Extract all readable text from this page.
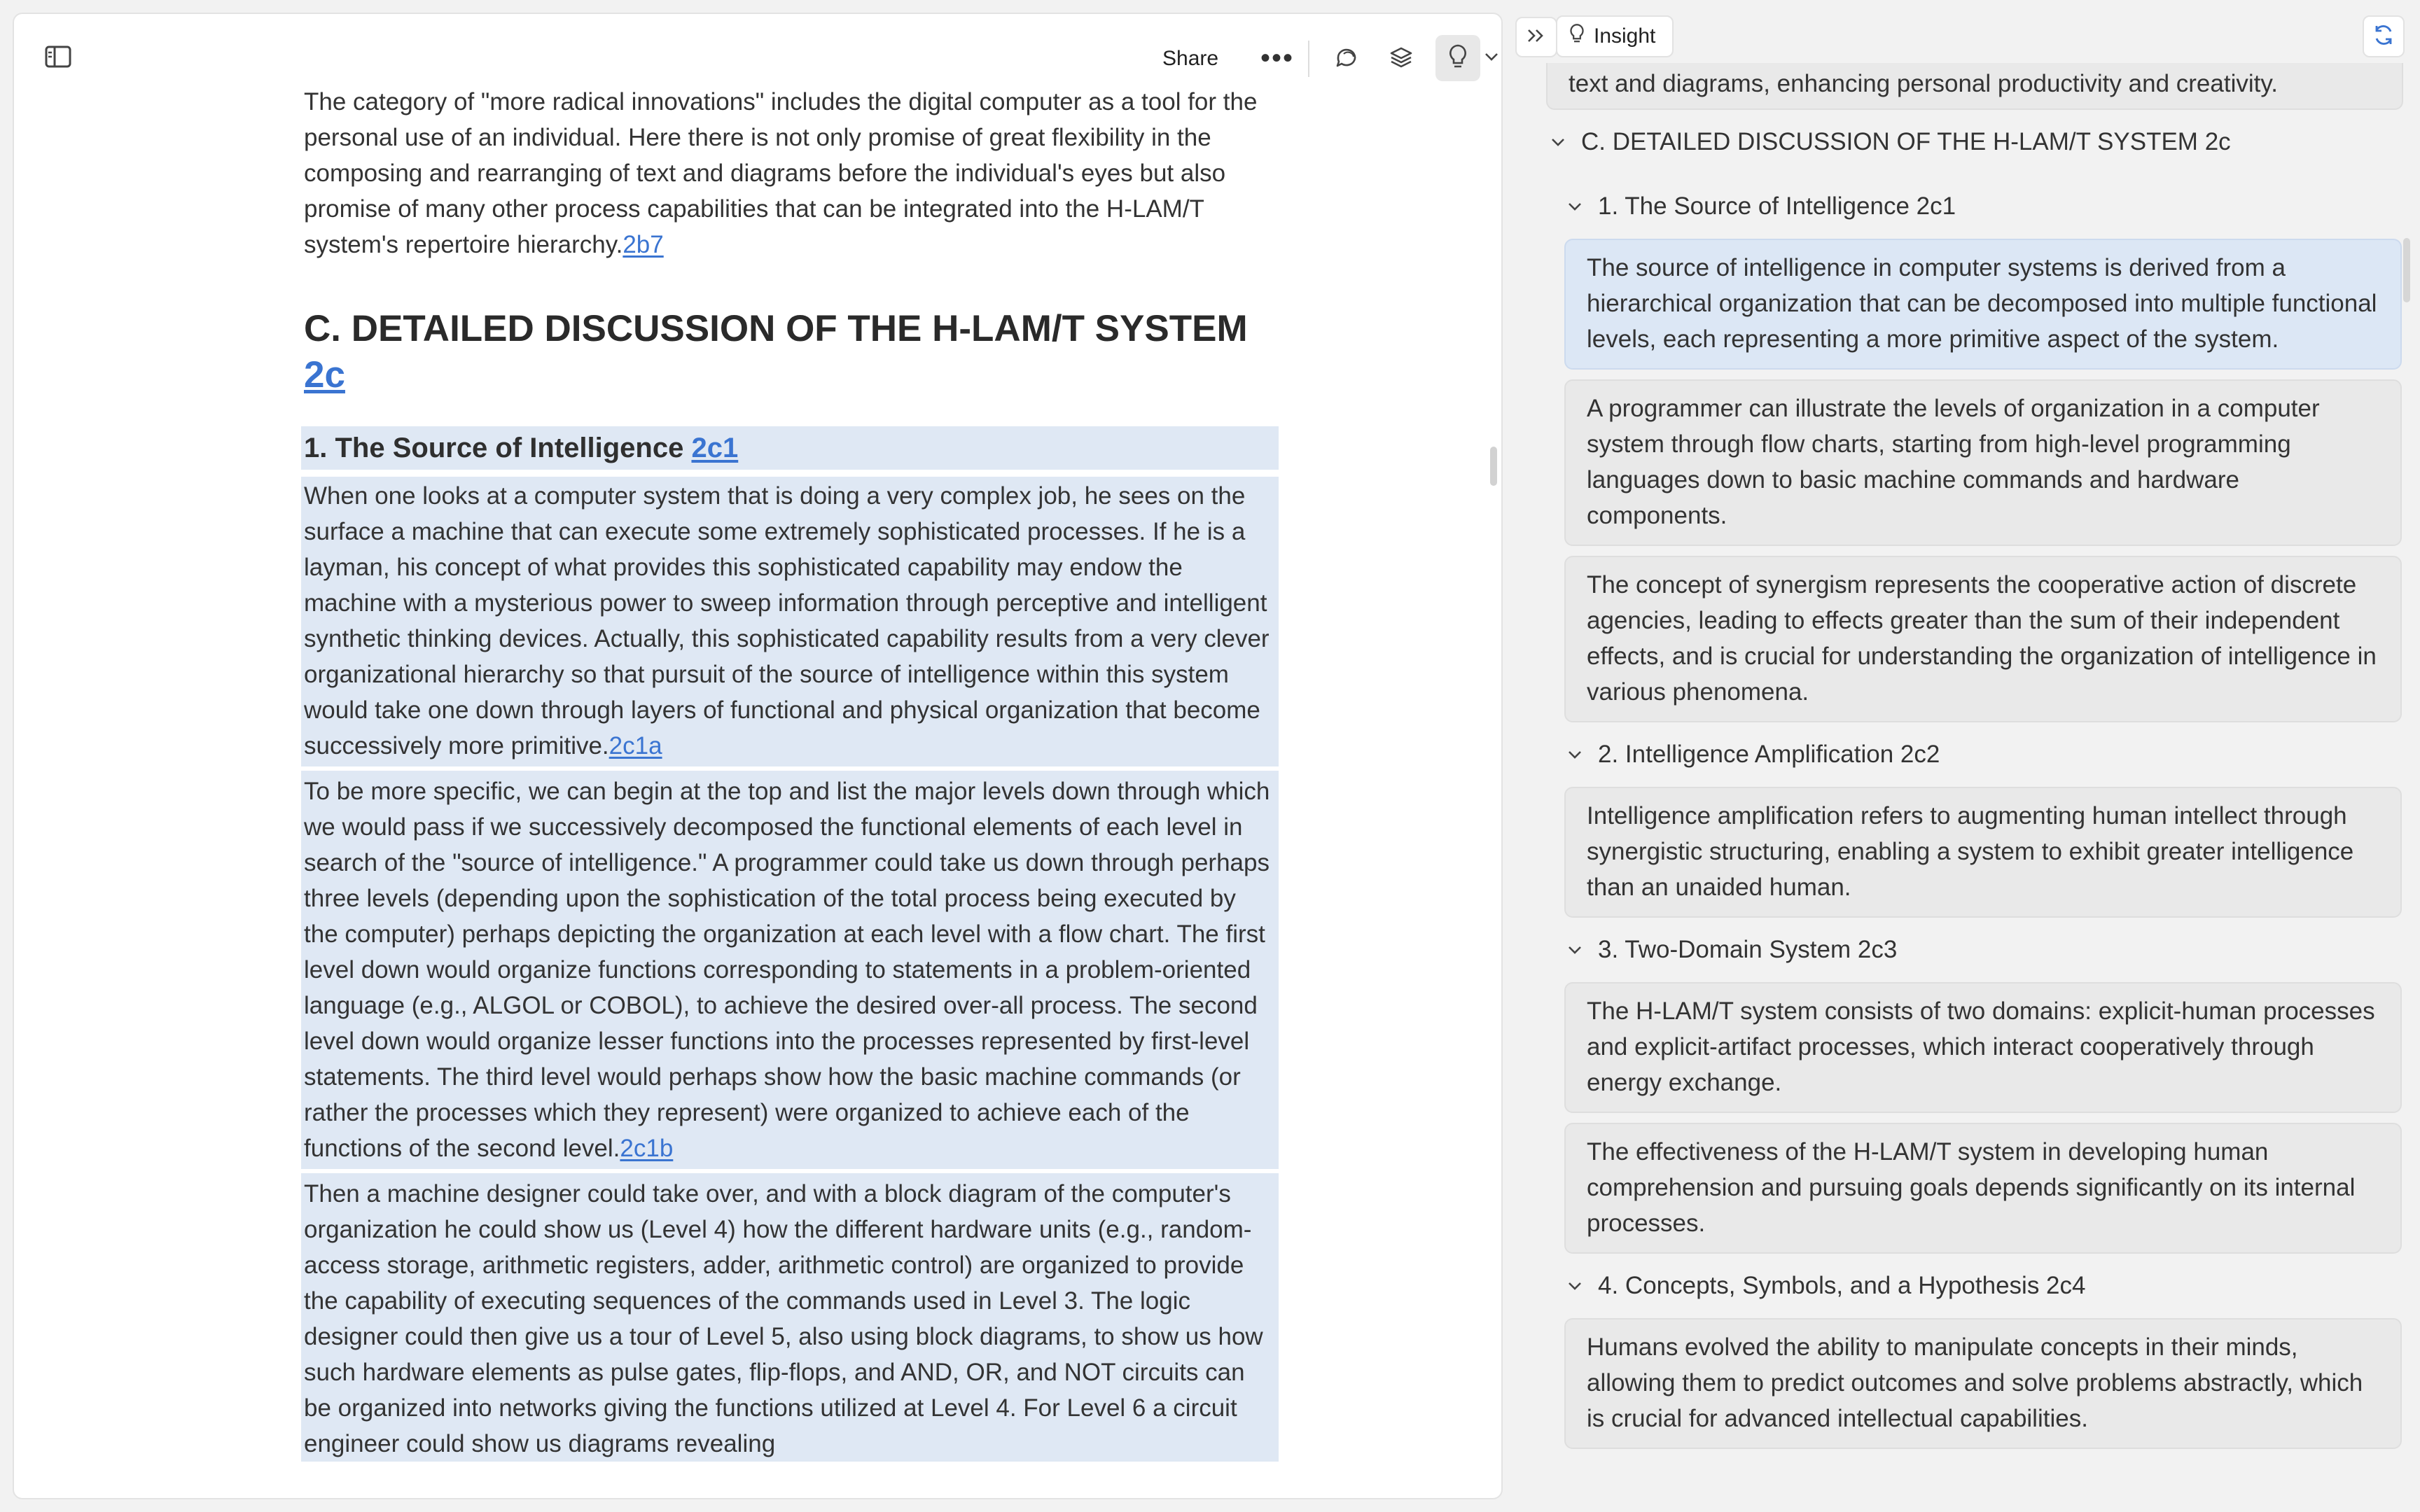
Share •••
The category of "more radical innovations" includes the digital computer as a tool for the personal use of an individual. Here there is not only promise of great flexibility in the composing and rearranging of text and diagrams before the individual's eyes but also promise of many other process capabilities that can be integrated into the H-LAM/T system's repertoire hierarchy.2b7
C. DETAILED DISCUSSION OF THE H-LAM/T SYSTEM
2c
1. The Source of Intelligence
2c1
When one looks at a computer system that is doing a very complex job, he sees on the surface a machine that can execute some extremely sophisticated processes. If he is a layman, his concept of what provides this sophisticated capability may endow the machine with a mysterious power to sweep information through perceptive and intelligent synthetic thinking devices. Actually, this sophisticated capability results from a very clever organizational hierarchy so that pursuit of the source of intelligence within this system would take one down through layers of functional and physical organization that become successively more primitive.2c1a
To be more specific, we can begin at the top and list the major levels down through which we would pass if we successively decomposed the functional elements of each level in search of the "source of intelligence." A programmer could take us down through perhaps three levels (depending upon the sophistication of the total process being executed by the computer) perhaps depicting the organization at each level with a flow chart. The first level down would organize functions corresponding to statements in a problem-oriented language (e.g., ALGOL or COBOL), to achieve the desired over-all process. The second level down would organize lesser functions into the processes represented by first-level statements. The third level would perhaps show how the basic machine commands (or rather the processes which they represent) were organized to achieve each of the functions of the second level.2c1b
Then a machine designer could take over, and with a block diagram of the computer's organization he could show us (Level 4) how the different hardware units (e.g., random-access storage, arithmetic registers, adder, arithmetic control) are organized to provide the capability of executing sequences of the commands used in Level 3. The logic designer could then give us a tour of Level 5, also using block diagrams, to show us how such hardware elements as pulse gates, flip-flops, and AND, OR, and NOT circuits can be organized into networks giving the functions utilized at Level 4. For Level 6 a circuit engineer could show us diagrams revealing
Insight
text and diagrams, enhancing personal productivity and creativity.
C. DETAILED DISCUSSION OF THE H-LAM/T SYSTEM 2c
1. The Source of Intelligence 2c1
The source of intelligence in computer systems is derived from a hierarchical organization that can be decomposed into multiple functional levels, each representing a more primitive aspect of the system.
A programmer can illustrate the levels of organization in a computer system through flow charts, starting from high-level programming languages down to basic machine commands and hardware components.
The concept of synergism represents the cooperative action of discrete agencies, leading to effects greater than the sum of their independent effects, and is crucial for understanding the organization of intelligence in various phenomena.
2. Intelligence Amplification 2c2
Intelligence amplification refers to augmenting human intellect through synergistic structuring, enabling a system to exhibit greater intelligence than an unaided human.
3. Two-Domain System 2c3
The H-LAM/T system consists of two domains: explicit-human processes and explicit-artifact processes, which interact cooperatively through energy exchange.
The effectiveness of the H-LAM/T system in developing human comprehension and pursuing goals depends significantly on its internal processes.
4. Concepts, Symbols, and a Hypothesis 2c4
Humans evolved the ability to manipulate concepts in their minds, allowing them to predict outcomes and solve problems abstractly, which is crucial for advanced intellectual capabilities.
